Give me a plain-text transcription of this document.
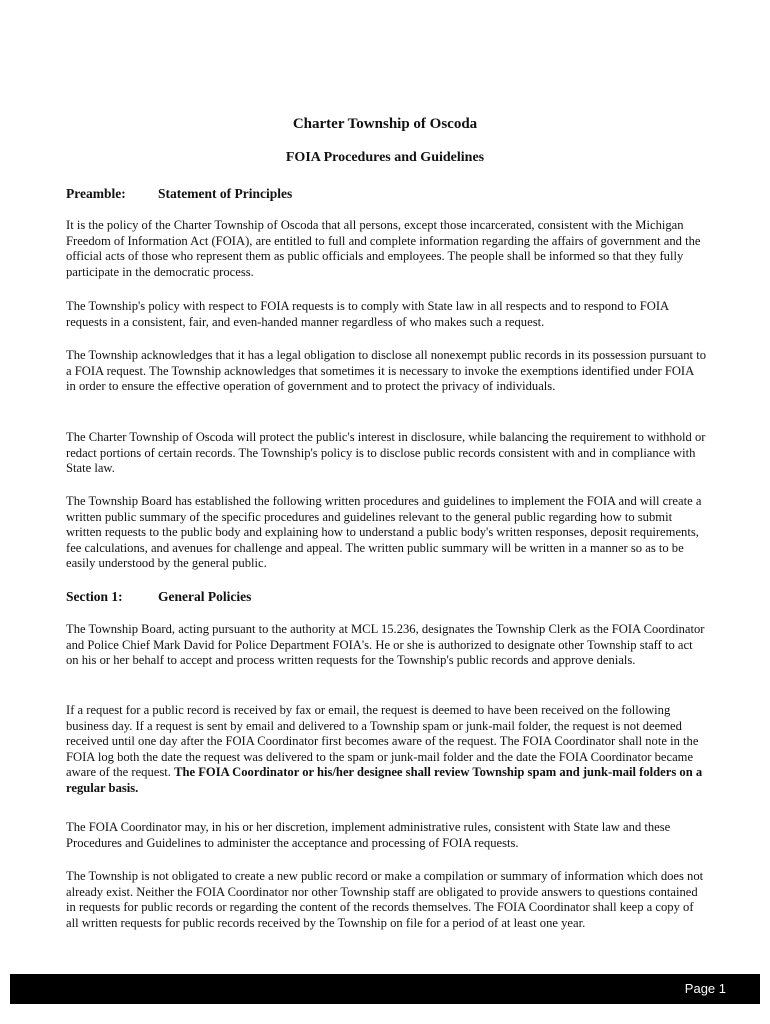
Charter Township of Oscoda
FOIA Procedures and Guidelines
Preamble: Statement of Principles

It is the policy of the Charter Township of Oscoda that all persons, except those incarcerated, consistent with the Michigan Freedom of Information Act (FOIA), are entitled to full and complete information regarding the affairs of government and the official acts of those who represent them as public officials and employees. The people shall be informed so that they fully participate in the democratic process.

The Township's policy with respect to FOIA requests is to comply with State law in all respects and to respond to FOIA requests in a consistent, fair, and even-handed manner regardless of who makes such a request.

The Township acknowledges that it has a legal obligation to disclose all nonexempt public records in its possession pursuant to a FOIA request. The Township acknowledges that sometimes it is necessary to invoke the exemptions identified under FOIA in order to ensure the effective operation of government and to protect the privacy of individuals.

The Charter Township of Oscoda will protect the public's interest in disclosure, while balancing the requirement to withhold or redact portions of certain records. The Township's policy is to disclose public records consistent with and in compliance with State law.

The Township Board has established the following written procedures and guidelines to implement the FOIA and will create a written public summary of the specific procedures and guidelines relevant to the general public regarding how to submit written requests to the public body and explaining how to understand a public body's written responses, deposit requirements, fee calculations, and avenues for challenge and appeal. The written public summary will be written in a manner so as to be easily understood by the general public.

Section 1:	General Policies

The Township Board, acting pursuant to the authority at MCL 15.236, designates the Township Clerk as the FOIA Coordinator and Police Chief Mark David for Police Department FOIA's. He or she is authorized to designate other Township staff to act on his or her behalf to accept and process written requests for the Township's public records and approve denials.

If a request for a public record is received by fax or email, the request is deemed to have been received on the following business day. If a request is sent by email and delivered to a Township spam or junk-mail folder, the request is not deemed received until one day after the FOIA Coordinator first becomes aware of the request. The FOIA Coordinator shall note in the FOIA log both the date the request was delivered to the spam or junk-mail folder and the date the FOIA Coordinator became aware of the request. The FOIA Coordinator or his/her designee shall review Township spam and junk-mail folders on a regular basis.

The FOIA Coordinator may, in his or her discretion, implement administrative rules, consistent with State law and these Procedures and Guidelines to administer the acceptance and processing of FOIA requests.

The Township is not obligated to create a new public record or make a compilation or summary of information which does not already exist. Neither the FOIA Coordinator nor other Township staff are obligated to provide answers to questions contained in requests for public records or regarding the content of the records themselves. The FOIA Coordinator shall keep a copy of all written requests for public records received by the Township on file for a period of at least one year.

Page 1
